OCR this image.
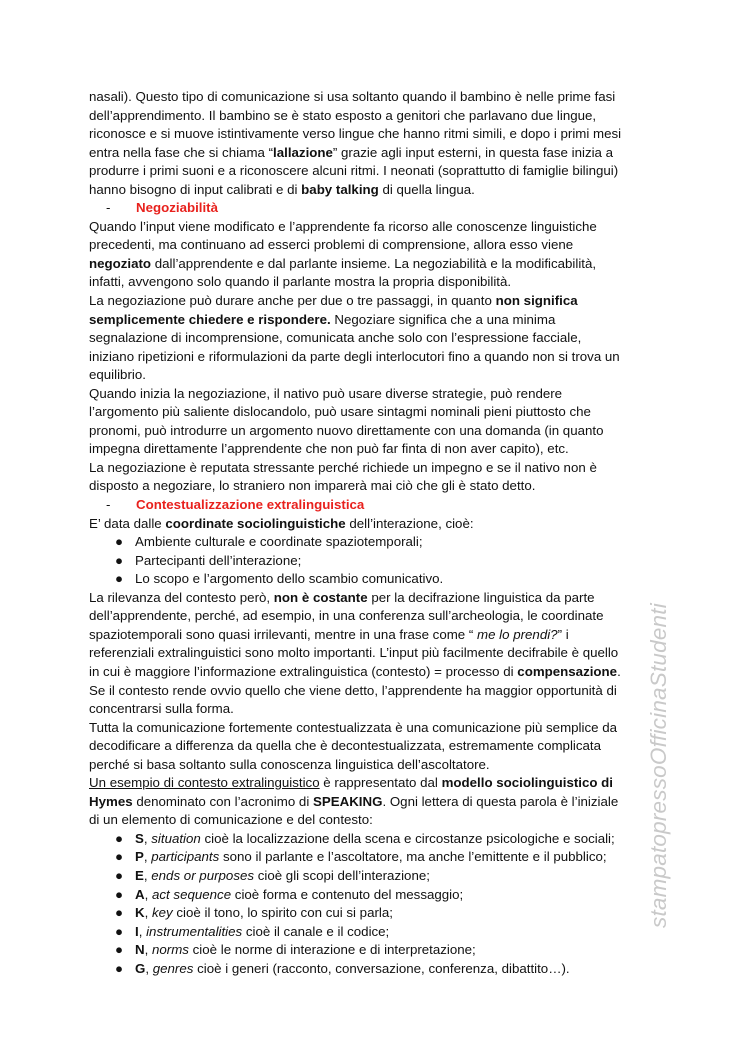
nasali). Questo tipo di comunicazione si usa soltanto quando il bambino è nelle prime fasi dell’apprendimento. Il bambino se è stato esposto a genitori che parlavano due lingue, riconosce e si muove istintivamente verso lingue che hanno ritmi simili, e dopo i primi mesi entra nella fase che si chiama “lallazione” grazie agli input esterni, in questa fase inizia a produrre i primi suoni e a riconoscere alcuni ritmi. I neonati (soprattutto di famiglie bilingui) hanno bisogno di input calibrati e di baby talking di quella lingua.

- Negoziabilità

Quando l’input viene modificato e l’apprendente fa ricorso alle conoscenze linguistiche precedenti, ma continuano ad esserci problemi di comprensione, allora esso viene negoziato dall’apprendente e dal parlante insieme. La negoziabilità e la modificabilità, infatti, avvengono solo quando il parlante mostra la propria disponibilità.

La negoziazione può durare anche per due o tre passaggi, in quanto non significa semplicemente chiedere e rispondere. Negoziare significa che a una minima segnalazione di incomprensione, comunicata anche solo con l’espressione facciale, iniziano ripetizioni e riformulazioni da parte degli interlocutori fino a quando non si trova un equilibrio.

Quando inizia la negoziazione, il nativo può usare diverse strategie, può rendere l’argomento più saliente dislocandolo, può usare sintagmi nominali pieni piuttosto che pronomi, può introdurre un argomento nuovo direttamente con una domanda (in quanto impegna direttamente l’apprendente che non può far finta di non aver capito), etc.

La negoziazione è reputata stressante perché richiede un impegno e se il nativo non è disposto a negoziare, lo straniero non imparerà mai ciò che gli è stato detto.

- Contestualizzazione extralinguistica

E’ data dalle coordinate sociolinguistiche dell’interazione, cioè:

● Ambiente culturale e coordinate spaziotemporali;
● Partecipanti dell’interazione;
● Lo scopo e l’argomento dello scambio comunicativo.

La rilevanza del contesto però, non è costante per la decifrazione linguistica da parte dell’apprendente, perché, ad esempio, in una conferenza sull’archeologia, le coordinate spaziotemporali sono quasi irrilevanti, mentre in una frase come “ me lo prendi?” i referenziali extralinguistici sono molto importanti. L’input più facilmente decifrabile è quello in cui è maggiore l’informazione extralinguistica (contesto) = processo di compensazione.

Se il contesto rende ovvio quello che viene detto, l’apprendente ha maggior opportunità di concentrarsi sulla forma.

Tutta la comunicazione fortemente contestualizzata è una comunicazione più semplice da decodificare a differenza da quella che è decontestualizzata, estremamente complicata perché si basa soltanto sulla conoscenza linguistica dell’ascoltatore.

Un esempio di contesto extralinguistico è rappresentato dal modello sociolinguistico di Hymes denominato con l’acronimo di SPEAKING. Ogni lettera di questa parola è l’iniziale di un elemento di comunicazione e del contesto:

● S, situation cioè la localizzazione della scena e circostanze psicologiche e sociali;
● P, participants sono il parlante e l’ascoltatore, ma anche l’emittente e il pubblico;
● E, ends or purposes cioè gli scopi dell’interazione;
● A, act sequence cioè forma e contenuto del messaggio;
● K, key cioè il tono, lo spirito con cui si parla;
● I, instrumentalities cioè il canale e il codice;
● N, norms cioè le norme di interazione e di interpretazione;
● G, genres cioè i generi (racconto, conversazione, conferenza, dibattito…).
stampatopressoOfficinaStudenti
